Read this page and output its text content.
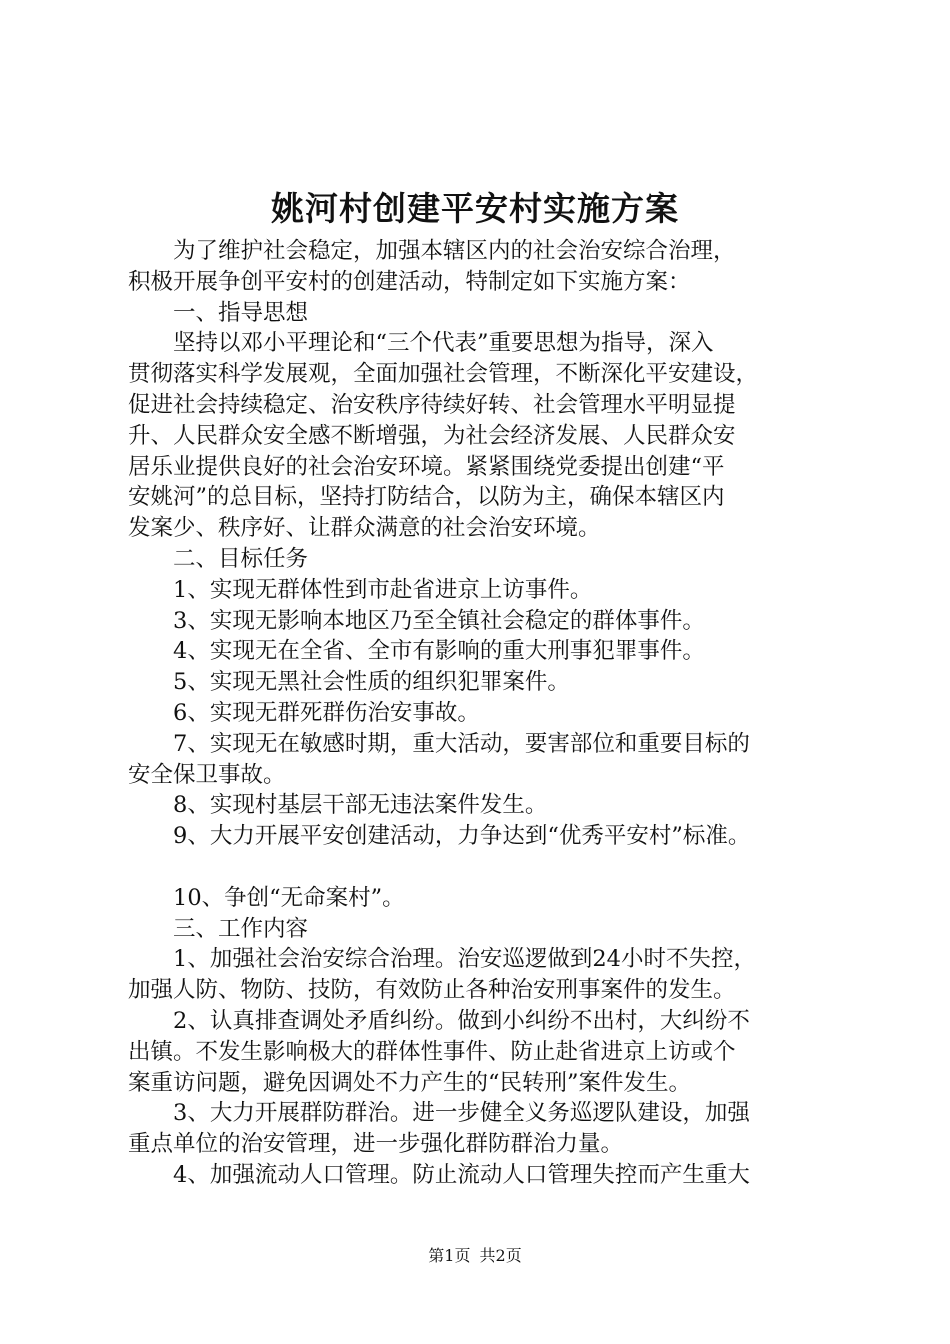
姚河村创建平安村实施方案
　　为了维护社会稳定，加强本辖区内的社会治安综合治理，
积极开展争创平安村的创建活动，特制定如下实施方案：
　　一、指导思想
　　坚持以邓小平理论和“三个代表”重要思想为指导，深入
贯彻落实科学发展观，全面加强社会管理，不断深化平安建设，
促进社会持续稳定、治安秩序待续好转、社会管理水平明显提
升、人民群众安全感不断增强，为社会经济发展、人民群众安
居乐业提供良好的社会治安环境。紧紧围绕党委提出创建“平
安姚河”的总目标，坚持打防结合，以防为主，确保本辖区内
发案少、秩序好、让群众满意的社会治安环境。
　　二、目标任务
　　1、实现无群体性到市赴省进京上访事件。
　　3、实现无影响本地区乃至全镇社会稳定的群体事件。
　　4、实现无在全省、全市有影响的重大刑事犯罪事件。
　　5、实现无黑社会性质的组织犯罪案件。
　　6、实现无群死群伤治安事故。
　　7、实现无在敏感时期，重大活动，要害部位和重要目标的
安全保卫事故。
　　8、实现村基层干部无违法案件发生。
　　9、大力开展平安创建活动，力争达到“优秀平安村”标准。
　　10、争创“无命案村”。
　　三、工作内容
　　1、加强社会治安综合治理。治安巡逻做到24小时不失控，
加强人防、物防、技防，有效防止各种治安刑事案件的发生。
　　2、认真排查调处矛盾纠纷。做到小纠纷不出村，大纠纷不
出镇。不发生影响极大的群体性事件、防止赴省进京上访或个
案重访问题，避免因调处不力产生的“民转刑”案件发生。
　　3、大力开展群防群治。进一步健全义务巡逻队建设，加强
重点单位的治安管理，进一步强化群防群治力量。
　　4、加强流动人口管理。防止流动人口管理失控而产生重大
第1页 共2页
